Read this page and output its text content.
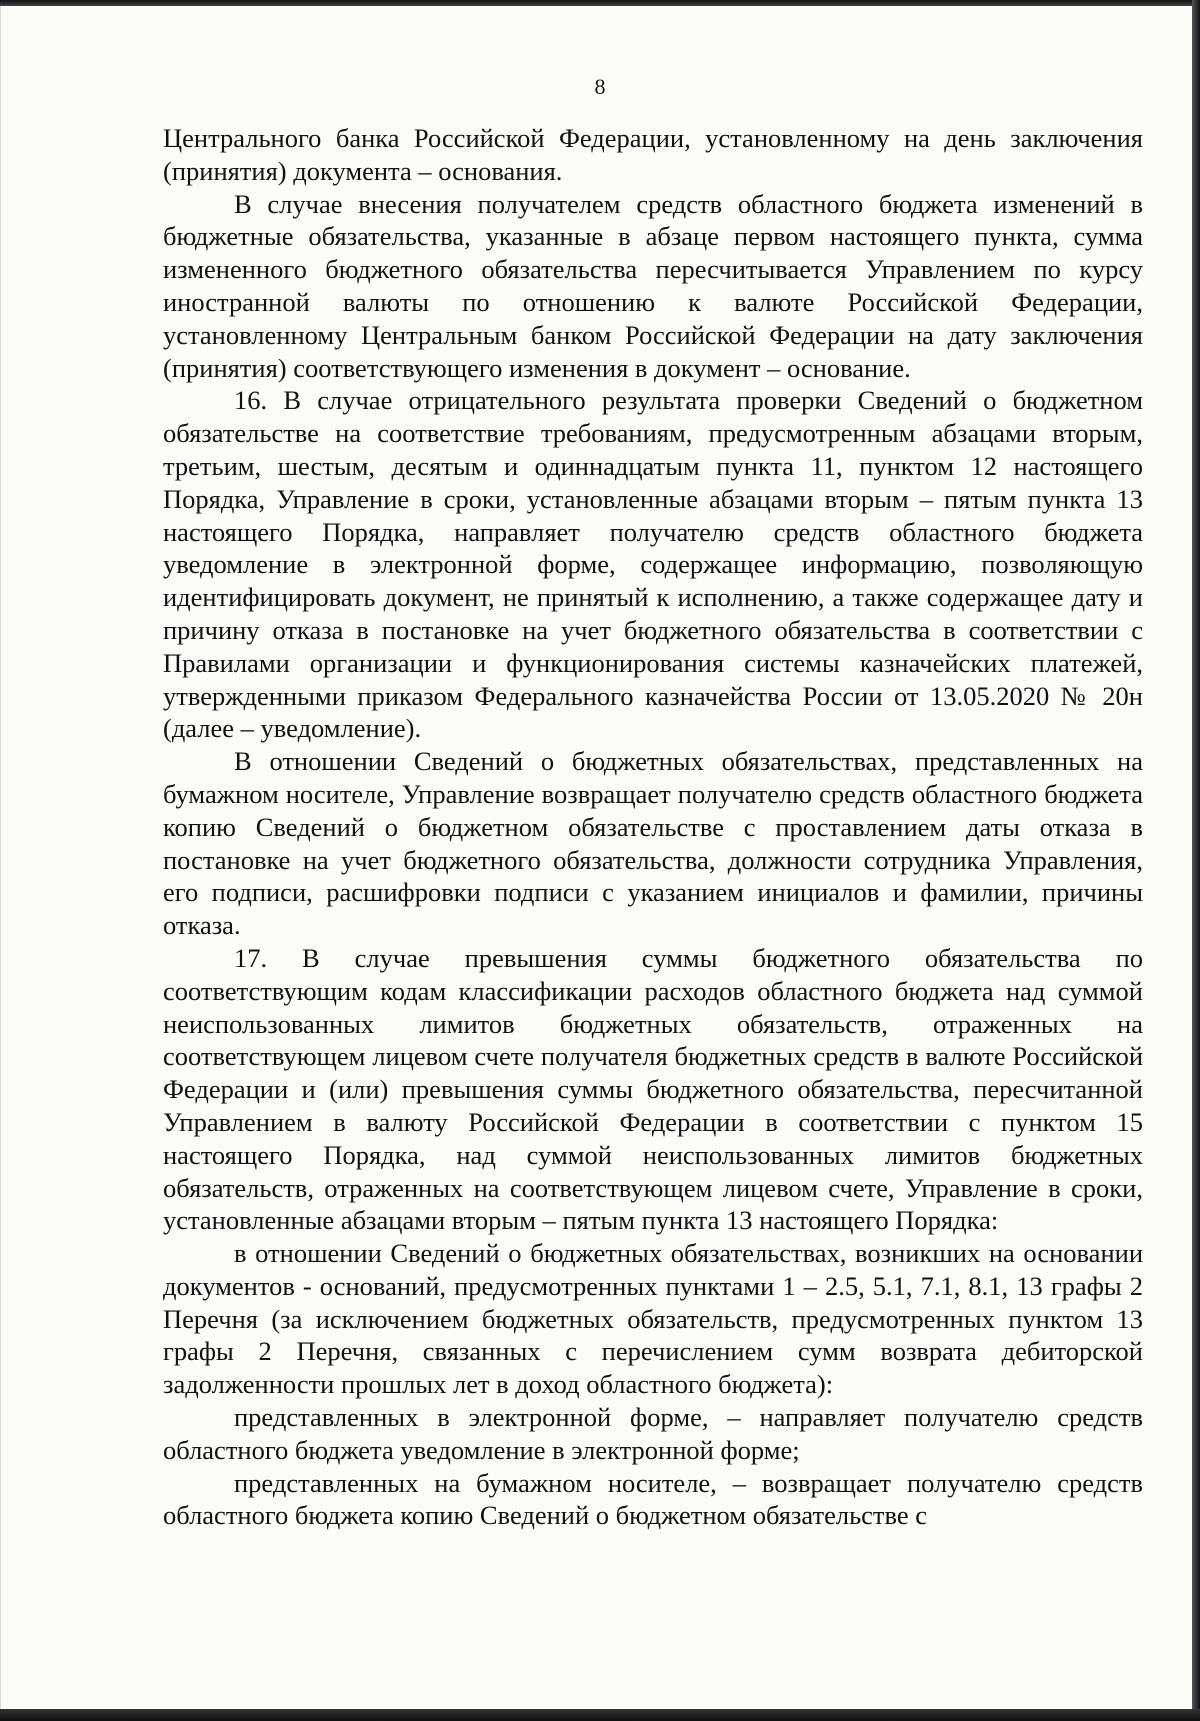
8

Центрального банка Российской Федерации, установленному на день заключения (принятия) документа – основания.

В случае внесения получателем средств областного бюджета изменений в бюджетные обязательства, указанные в абзаце первом настоящего пункта, сумма измененного бюджетного обязательства пересчитывается Управлением по курсу иностранной валюты по отношению к валюте Российской Федерации, установленному Центральным банком Российской Федерации на дату заключения (принятия) соответствующего изменения в документ – основание.

16. В случае отрицательного результата проверки Сведений о бюджетном обязательстве на соответствие требованиям, предусмотренным абзацами вторым, третьим, шестым, десятым и одиннадцатым пункта 11, пунктом 12 настоящего Порядка, Управление в сроки, установленные абзацами вторым – пятым пункта 13 настоящего Порядка, направляет получателю средств областного бюджета уведомление в электронной форме, содержащее информацию, позволяющую идентифицировать документ, не принятый к исполнению, а также содержащее дату и причину отказа в постановке на учет бюджетного обязательства в соответствии с Правилами организации и функционирования системы казначейских платежей, утвержденными приказом Федерального казначейства России от 13.05.2020 № 20н (далее – уведомление).

В отношении Сведений о бюджетных обязательствах, представленных на бумажном носителе, Управление возвращает получателю средств областного бюджета копию Сведений о бюджетном обязательстве с проставлением даты отказа в постановке на учет бюджетного обязательства, должности сотрудника Управления, его подписи, расшифровки подписи с указанием инициалов и фамилии, причины отказа.

17. В случае превышения суммы бюджетного обязательства по соответствующим кодам классификации расходов областного бюджета над суммой неиспользованных лимитов бюджетных обязательств, отраженных на соответствующем лицевом счете получателя бюджетных средств в валюте Российской Федерации и (или) превышения суммы бюджетного обязательства, пересчитанной Управлением в валюту Российской Федерации в соответствии с пунктом 15 настоящего Порядка, над суммой неиспользованных лимитов бюджетных обязательств, отраженных на соответствующем лицевом счете, Управление в сроки, установленные абзацами вторым – пятым пункта 13 настоящего Порядка:

в отношении Сведений о бюджетных обязательствах, возникших на основании документов - оснований, предусмотренных пунктами 1 – 2.5, 5.1, 7.1, 8.1, 13 графы 2 Перечня (за исключением бюджетных обязательств, предусмотренных пунктом 13 графы 2 Перечня, связанных с перечислением сумм возврата дебиторской задолженности прошлых лет в доход областного бюджета):

представленных в электронной форме, – направляет получателю средств областного бюджета уведомление в электронной форме;

представленных на бумажном носителе, – возвращает получателю средств областного бюджета копию Сведений о бюджетном обязательстве с
